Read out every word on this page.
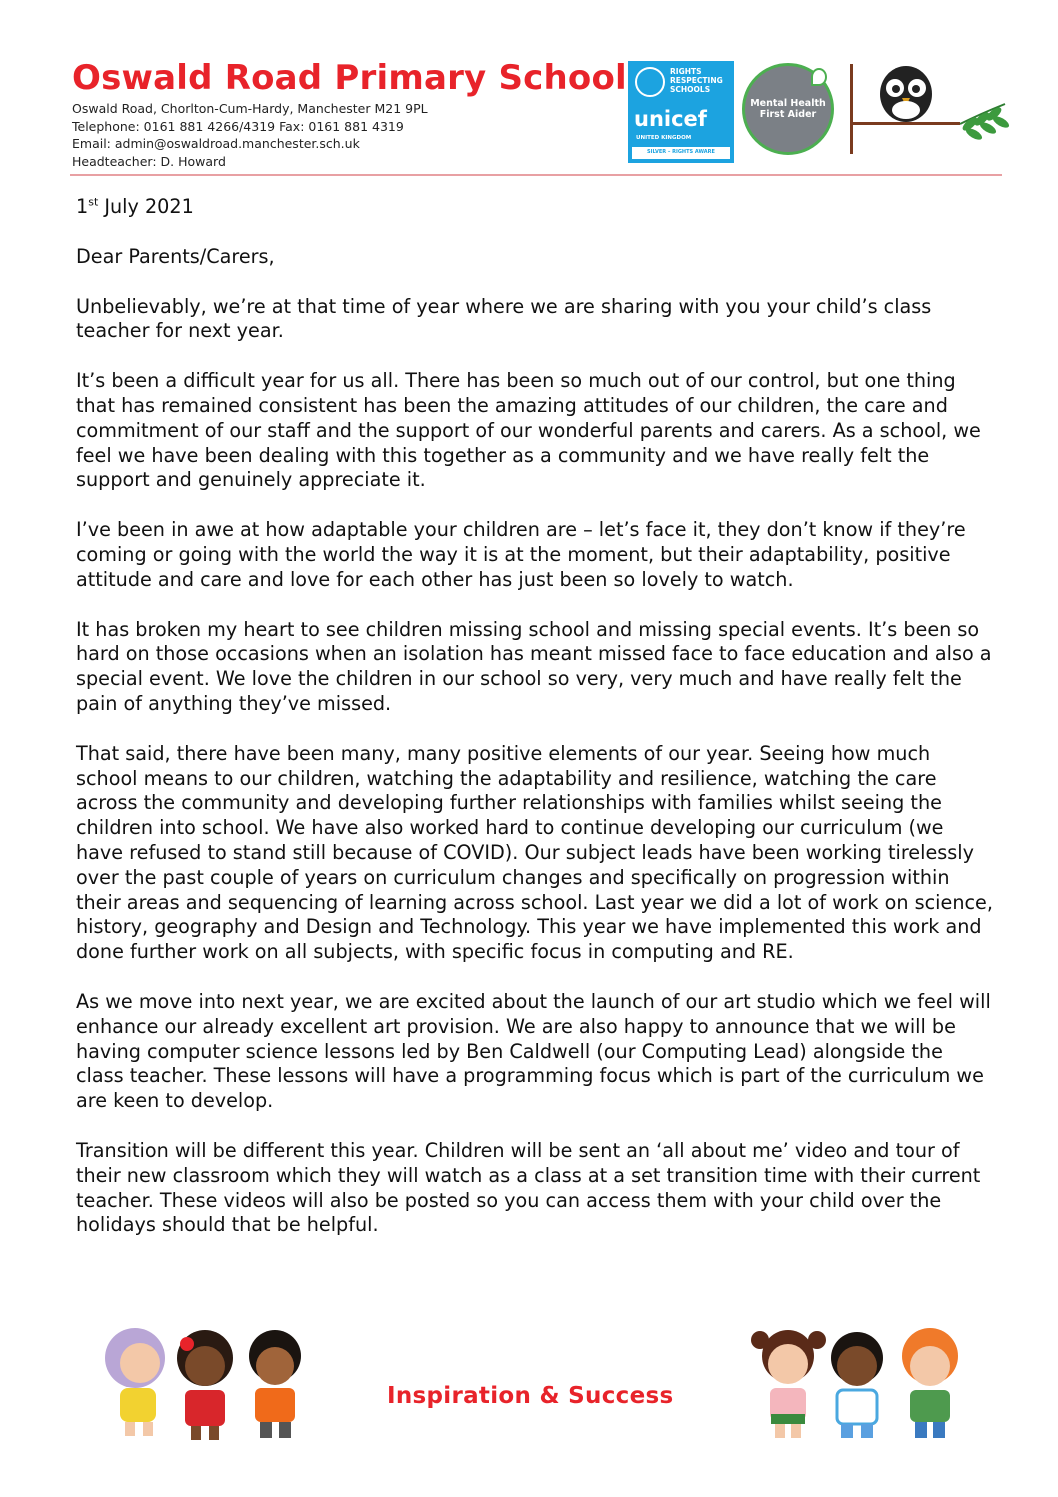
Oswald Road Primary School
Oswald Road, Chorlton-Cum-Hardy, Manchester M21 9PL
Telephone: 0161 881 4266/4319 Fax: 0161 881 4319
Email: admin@oswaldroad.manchester.sch.uk
Headteacher: D. Howard
RIGHTS RESPECTING SCHOOLS
unicef
UNITED KINGDOM
SILVER – RIGHTS AWARE
Mental Health First Aider
1st July 2021

Dear Parents/Carers,

Unbelievably, we’re at that time of year where we are sharing with you your child’s class teacher for next year.

It’s been a difficult year for us all. There has been so much out of our control, but one thing that has remained consistent has been the amazing attitudes of our children, the care and commitment of our staff and the support of our wonderful parents and carers. As a school, we feel we have been dealing with this together as a community and we have really felt the support and genuinely appreciate it.

I’ve been in awe at how adaptable your children are – let’s face it, they don’t know if they’re coming or going with the world the way it is at the moment, but their adaptability, positive attitude and care and love for each other has just been so lovely to watch.

It has broken my heart to see children missing school and missing special events. It’s been so hard on those occasions when an isolation has meant missed face to face education and also a special event. We love the children in our school so very, very much and have really felt the pain of anything they’ve missed.

That said, there have been many, many positive elements of our year. Seeing how much school means to our children, watching the adaptability and resilience, watching the care across the community and developing further relationships with families whilst seeing the children into school. We have also worked hard to continue developing our curriculum (we have refused to stand still because of COVID). Our subject leads have been working tirelessly over the past couple of years on curriculum changes and specifically on progression within their areas and sequencing of learning across school. Last year we did a lot of work on science, history, geography and Design and Technology. This year we have implemented this work and done further work on all subjects, with specific focus in computing and RE.

As we move into next year, we are excited about the launch of our art studio which we feel will enhance our already excellent art provision. We are also happy to announce that we will be having computer science lessons led by Ben Caldwell (our Computing Lead) alongside the class teacher. These lessons will have a programming focus which is part of the curriculum we are keen to develop.

Transition will be different this year. Children will be sent an ‘all about me’ video and tour of their new classroom which they will watch as a class at a set transition time with their current teacher. These videos will also be posted so you can access them with your child over the holidays should that be helpful.

Inspiration & Success
